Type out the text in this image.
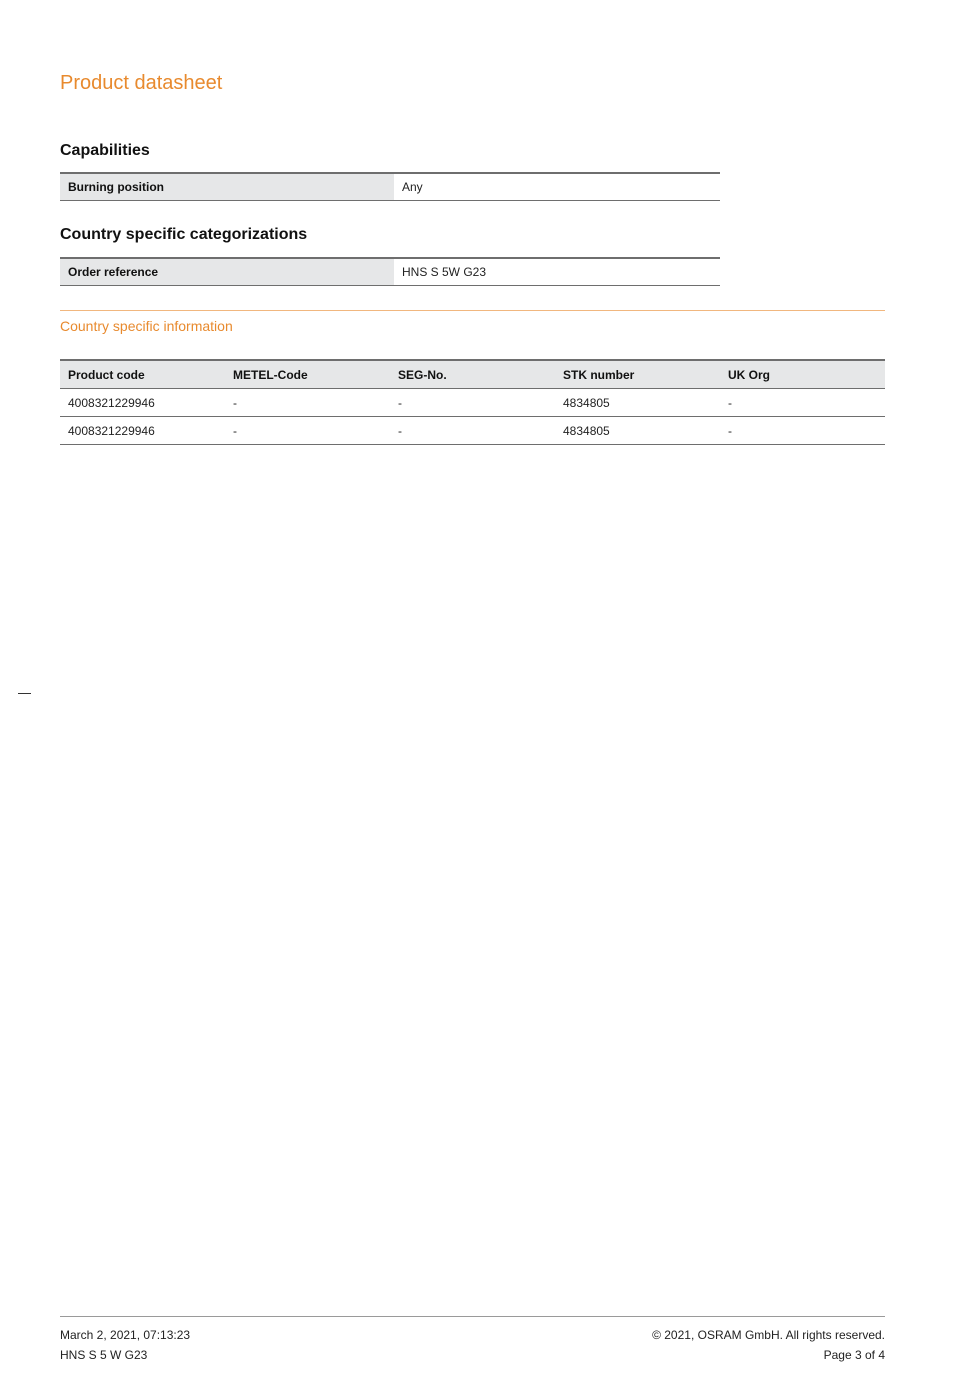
Product datasheet
Capabilities
Burning position	Any
Country specific categorizations
Order reference	HNS S 5W G23
Country specific information
Product code	METEL-Code	SEG-No.	STK number	UK Org
4008321229946	-	-	4834805	-
4008321229946	-	-	4834805	-

March 2, 2021, 07:13:23

HNS S 5 W G23

© 2021, OSRAM GmbH. All rights reserved.

Page 3 of 4
